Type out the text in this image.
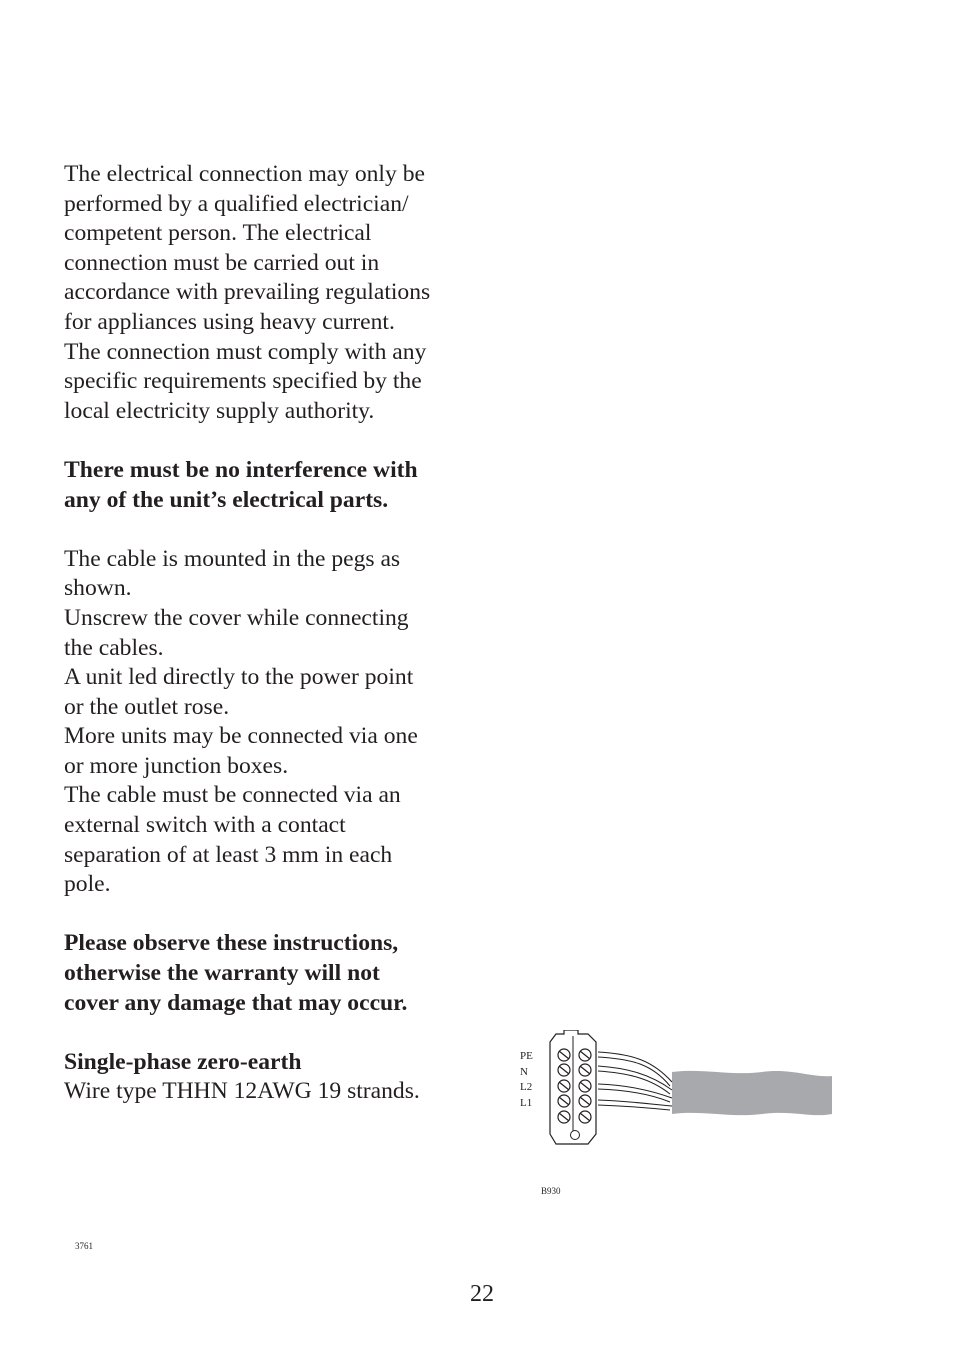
The electrical connection may only be
performed by a qualified electrician/
competent person. The electrical
connection must be carried out in
accordance with prevailing regulations
for appliances using heavy current.
The connection must comply with any
specific requirements specified by the
local electricity supply authority.

There must be no interference with
any of the unit’s electrical parts.

The cable is mounted in the pegs as
shown.
Unscrew the cover while connecting
the cables.
A unit led directly to the power point
or the outlet rose.
More units may be connected via one
or more junction boxes.
The cable must be connected via an
external switch with a contact
separation of at least 3 mm in each
pole.

Please observe these instructions,
otherwise the warranty will not
cover any damage that may occur.

Single-phase zero-earth
Wire type THHN 12AWG 19 strands.

PE
N
L2
L1
B930
3761
22
